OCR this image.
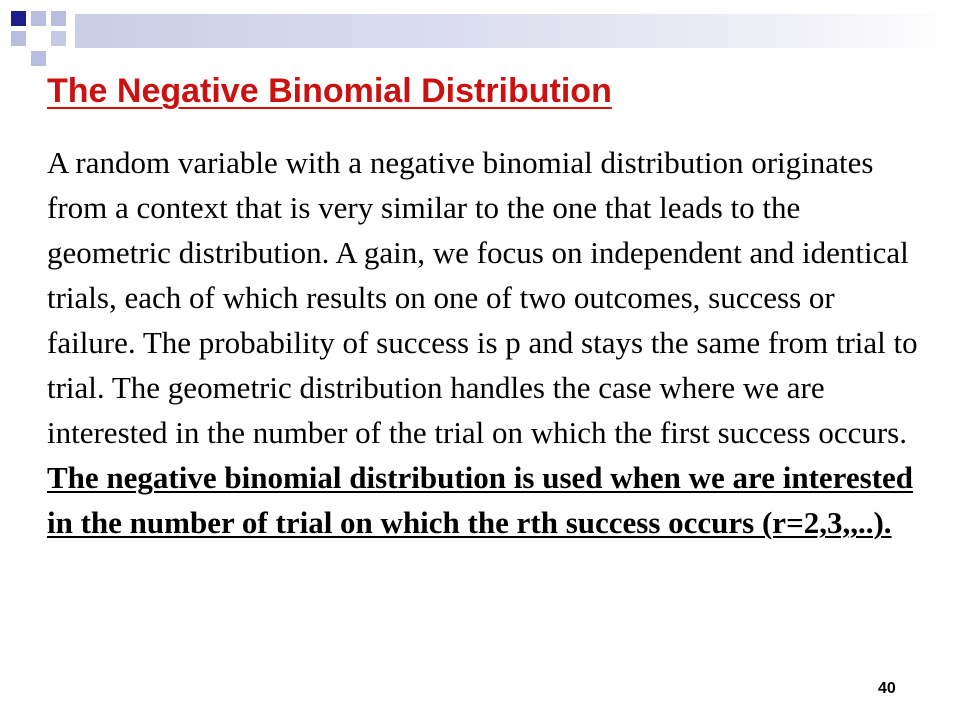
The Negative Binomial Distribution

A random variable with a negative binomial distribution originates from a context that is very similar to the one that leads to the geometric distribution. A gain, we focus on independent and identical trials, each of which results on one of two outcomes, success or failure. The probability of success is p and stays the same from trial to trial. The geometric distribution handles the case where we are interested in the number of the trial on which the first success occurs. The negative binomial distribution is used when we are interested in the number of trial on which the rth success occurs (r=2,3,,..).

40
